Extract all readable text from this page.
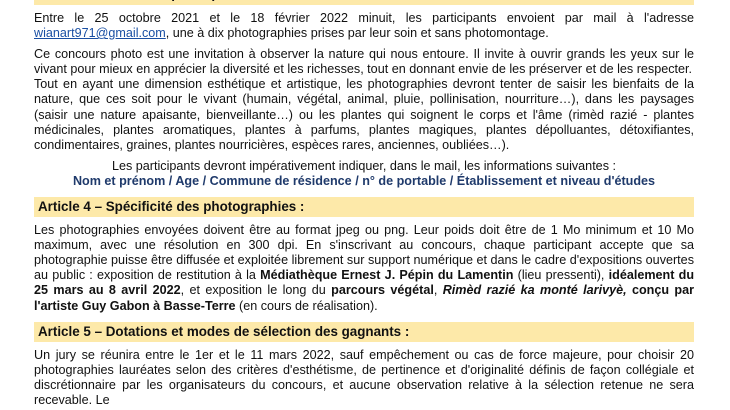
Entre le 25 octobre 2021 et le 18 février 2022 minuit, les participants envoient par mail à l'adresse wianart971@gmail.com, une à dix photographies prises par leur soin et sans photomontage.

Ce concours photo est une invitation à observer la nature qui nous entoure. Il invite à ouvrir grands les yeux sur le vivant pour mieux en apprécier la diversité et les richesses, tout en donnant envie de les préserver et de les respecter.

Tout en ayant une dimension esthétique et artistique, les photographies devront tenter de saisir les bienfaits de la nature, que ces soit pour le vivant (humain, végétal, animal, pluie, pollinisation, nourriture…), dans les paysages (saisir une nature apaisante, bienveillante…) ou les plantes qui soignent le corps et l'âme (rimèd razié - plantes médicinales, plantes aromatiques, plantes à parfums, plantes magiques, plantes dépolluantes, détoxifiantes, condimentaires, graines, plantes nourricières, espèces rares, anciennes, oubliées…).

Les participants devront impérativement indiquer, dans le mail, les informations suivantes :

Nom et prénom / Age / Commune de résidence / n° de portable / Établissement et niveau d'études

Article 4 – Spécificité des photographies :

Les photographies envoyées doivent être au format jpeg ou png. Leur poids doit être de 1 Mo minimum et 10 Mo maximum, avec une résolution en 300 dpi. En s'inscrivant au concours, chaque participant accepte que sa photographie puisse être diffusée et exploitée librement sur support numérique et dans le cadre d'expositions ouvertes au public : exposition de restitution à la Médiathèque Ernest J. Pépin du Lamentin (lieu pressenti), idéalement du 25 mars au 8 avril 2022, et exposition le long du parcours végétal, Rimèd razié ka monté larivyè, conçu par l'artiste Guy Gabon à Basse-Terre (en cours de réalisation).

Article 5 – Dotations et modes de sélection des gagnants :

Un jury se réunira entre le 1er et le 11 mars 2022, sauf empêchement ou cas de force majeure, pour choisir 20 photographies lauréates selon des critères d'esthétisme, de pertinence et d'originalité définis de façon collégiale et discrétionnaire par les organisateurs du concours, et aucune observation relative à la sélection retenue ne sera recevable. Le
